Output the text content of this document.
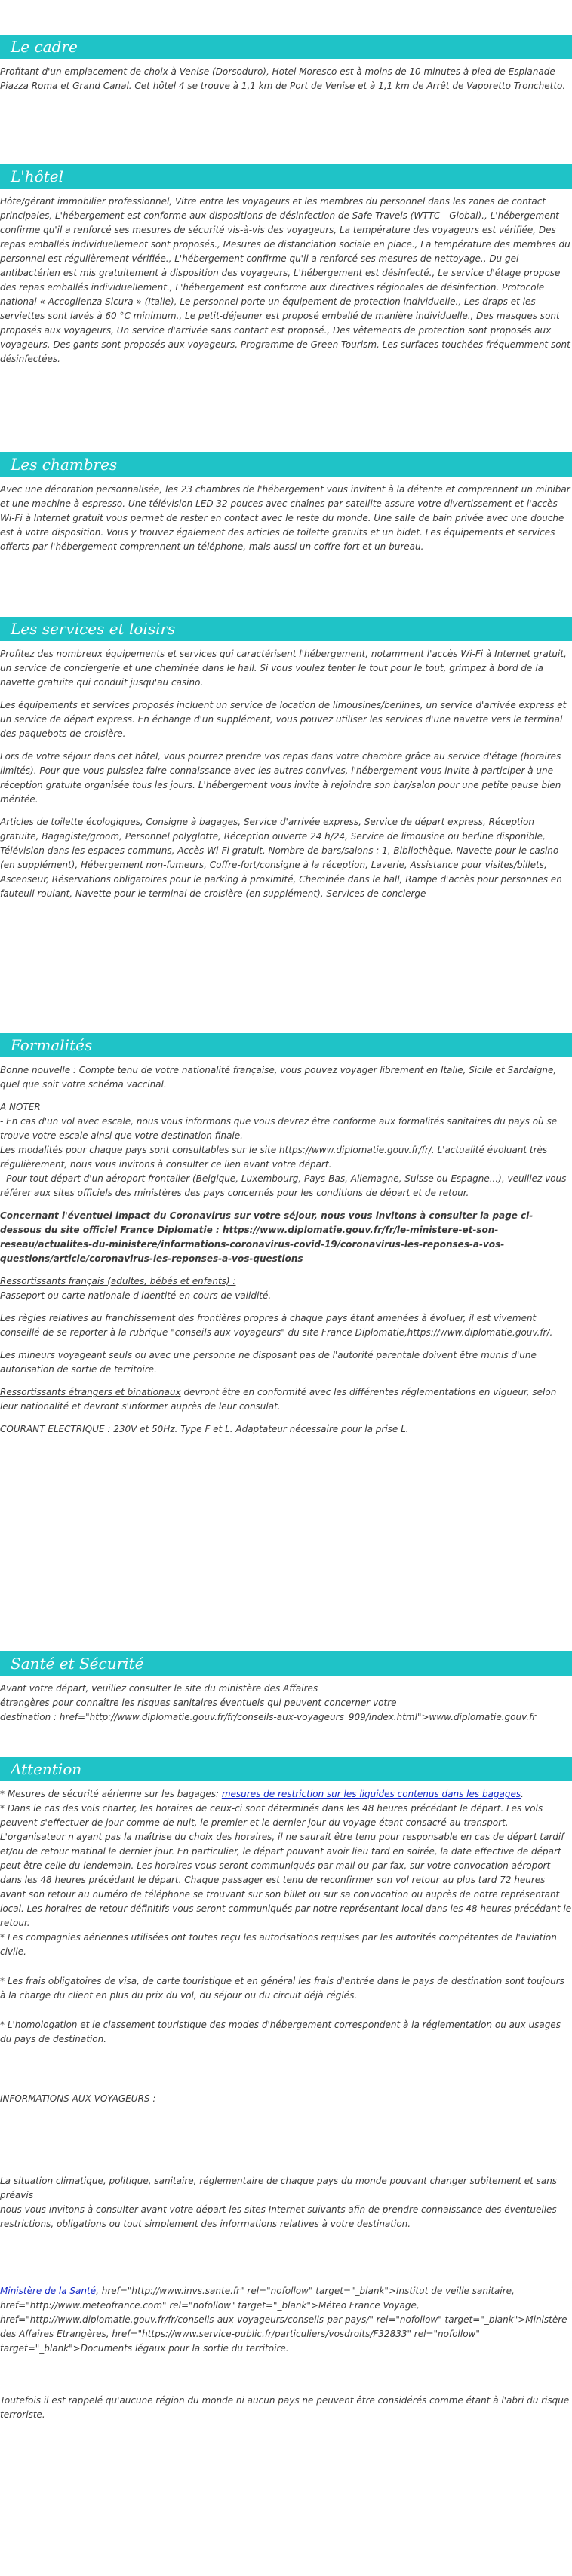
Le cadre

Profitant d'un emplacement de choix à Venise (Dorsoduro), Hotel Moresco est à moins de 10 minutes à pied de Esplanade Piazza Roma et Grand Canal. Cet hôtel 4 se trouve à 1,1 km de Port de Venise et à 1,1 km de Arrêt de Vaporetto Tronchetto.

L'hôtel

Hôte/gérant immobilier professionnel, Vitre entre les voyageurs et les membres du personnel dans les zones de contact principales, L'hébergement est conforme aux dispositions de désinfection de Safe Travels (WTTC - Global)., L'hébergement confirme qu'il a renforcé ses mesures de sécurité vis-à-vis des voyageurs, La température des voyageurs est vérifiée, Des repas emballés individuellement sont proposés., Mesures de distanciation sociale en place., La température des membres du personnel est régulièrement vérifiée., L'hébergement confirme qu'il a renforcé ses mesures de nettoyage., Du gel antibactérien est mis gratuitement à disposition des voyageurs, L'hébergement est désinfecté., Le service d'étage propose des repas emballés individuellement., L'hébergement est conforme aux directives régionales de désinfection. Protocole national « Accoglienza Sicura » (Italie), Le personnel porte un équipement de protection individuelle., Les draps et les serviettes sont lavés à 60 °C minimum., Le petit-déjeuner est proposé emballé de manière individuelle., Des masques sont proposés aux voyageurs, Un service d'arrivée sans contact est proposé., Des vêtements de protection sont proposés aux voyageurs, Des gants sont proposés aux voyageurs, Programme de Green Tourism, Les surfaces touchées fréquemment sont désinfectées.

Les chambres

Avec une décoration personnalisée, les 23 chambres de l'hébergement vous invitent à la détente et comprennent un minibar et une machine à espresso. Une télévision LED 32 pouces avec chaînes par satellite assure votre divertissement et l'accès Wi-Fi à Internet gratuit vous permet de rester en contact avec le reste du monde. Une salle de bain privée avec une douche est à votre disposition. Vous y trouvez également des articles de toilette gratuits et un bidet. Les équipements et services offerts par l'hébergement comprennent un téléphone, mais aussi un coffre-fort et un bureau.

Les services et loisirs

Profitez des nombreux équipements et services qui caractérisent l'hébergement, notamment l'accès Wi-Fi à Internet gratuit, un service de conciergerie et une cheminée dans le hall. Si vous voulez tenter le tout pour le tout, grimpez à bord de la navette gratuite qui conduit jusqu'au casino.

Les équipements et services proposés incluent un service de location de limousines/berlines, un service d'arrivée express et un service de départ express. En échange d'un supplément, vous pouvez utiliser les services d'une navette vers le terminal des paquebots de croisière.

Lors de votre séjour dans cet hôtel, vous pourrez prendre vos repas dans votre chambre grâce au service d'étage (horaires limités). Pour que vous puissiez faire connaissance avec les autres convives, l'hébergement vous invite à participer à une réception gratuite organisée tous les jours. L'hébergement vous invite à rejoindre son bar/salon pour une petite pause bien méritée.

Articles de toilette écologiques, Consigne à bagages, Service d'arrivée express, Service de départ express, Réception gratuite, Bagagiste/groom, Personnel polyglotte, Réception ouverte 24 h/24, Service de limousine ou berline disponible, Télévision dans les espaces communs, Accès Wi-Fi gratuit, Nombre de bars/salons : 1, Bibliothèque, Navette pour le casino (en supplément), Hébergement non-fumeurs, Coffre-fort/consigne à la réception, Laverie, Assistance pour visites/billets, Ascenseur, Réservations obligatoires pour le parking à proximité, Cheminée dans le hall, Rampe d'accès pour personnes en fauteuil roulant, Navette pour le terminal de croisière (en supplément), Services de concierge

Formalités

Bonne nouvelle : Compte tenu de votre nationalité française, vous pouvez voyager librement en Italie, Sicile et Sardaigne, quel que soit votre schéma vaccinal.

A NOTER
- En cas d'un vol avec escale, nous vous informons que vous devrez être conforme aux formalités sanitaires du pays où se trouve votre escale ainsi que votre destination finale.
Les modalités pour chaque pays sont consultables sur le site https://www.diplomatie.gouv.fr/fr/. L'actualité évoluant très régulièrement, nous vous invitons à consulter ce lien avant votre départ.
- Pour tout départ d'un aéroport frontalier (Belgique, Luxembourg, Pays-Bas, Allemagne, Suisse ou Espagne...), veuillez vous référer aux sites officiels des ministères des pays concernés pour les conditions de départ et de retour.

Concernant l'éventuel impact du Coronavirus sur votre séjour, nous vous invitons à consulter la page ci-dessous du site officiel France Diplomatie : https://www.diplomatie.gouv.fr/fr/le-ministere-et-son-reseau/actualites-du-ministere/informations-coronavirus-covid-19/coronavirus-les-reponses-a-vos-questions/article/coronavirus-les-reponses-a-vos-questions

Ressortissants français (adultes, bébés et enfants) :
Passeport ou carte nationale d'identité en cours de validité.

Les règles relatives au franchissement des frontières propres à chaque pays étant amenées à évoluer, il est vivement conseillé de se reporter à la rubrique "conseils aux voyageurs" du site France Diplomatie,https://www.diplomatie.gouv.fr/.

Les mineurs voyageant seuls ou avec une personne ne disposant pas de l'autorité parentale doivent être munis d'une autorisation de sortie de territoire.

Ressortissants étrangers et binationaux devront être en conformité avec les différentes réglementations en vigueur, selon leur nationalité et devront s'informer auprès de leur consulat.

COURANT ELECTRIQUE : 230V et 50Hz. Type F et L. Adaptateur nécessaire pour la prise L.

Santé et Sécurité

Avant votre départ, veuillez consulter le site du ministère des Affaires
étrangères pour connaître les risques sanitaires éventuels qui peuvent concerner votre
destination : href="http://www.diplomatie.gouv.fr/fr/conseils-aux-voyageurs_909/index.html">www.diplomatie.gouv.fr

Attention

* Mesures de sécurité aérienne sur les bagages: mesures de restriction sur les liquides contenus dans les bagages.

* Dans le cas des vols charter, les horaires de ceux-ci sont déterminés dans les 48 heures précédant le départ. Les vols peuvent s'effectuer de jour comme de nuit, le premier et le dernier jour du voyage étant consacré au transport. L'organisateur n'ayant pas la maîtrise du choix des horaires, il ne saurait être tenu pour responsable en cas de départ tardif et/ou de retour matinal le dernier jour. En particulier, le départ pouvant avoir lieu tard en soirée, la date effective de départ peut être celle du lendemain. Les horaires vous seront communiqués par mail ou par fax, sur votre convocation aéroport dans les 48 heures précédant le départ. Chaque passager est tenu de reconfirmer son vol retour au plus tard 72 heures avant son retour au numéro de téléphone se trouvant sur son billet ou sur sa convocation ou auprès de notre représentant local. Les horaires de retour définitifs vous seront communiqués par notre représentant local dans les 48 heures précédant le retour.

* Les compagnies aériennes utilisées ont toutes reçu les autorisations requises par les autorités compétentes de l'aviation civile.

* Les frais obligatoires de visa, de carte touristique et en général les frais d'entrée dans le pays de destination sont toujours à la charge du client en plus du prix du vol, du séjour ou du circuit déjà réglés.

* L'homologation et le classement touristique des modes d'hébergement correspondent à la réglementation ou aux usages du pays de destination.

INFORMATIONS AUX VOYAGEURS :

La situation climatique, politique, sanitaire, réglementaire de chaque pays du monde pouvant changer subitement et sans préavis
nous vous invitons à consulter avant votre départ les sites Internet suivants afin de prendre connaissance des éventuelles restrictions, obligations ou tout simplement des informations relatives à votre destination.

Ministère de la Santé, href="http://www.invs.sante.fr" rel="nofollow" target="_blank">Institut de veille sanitaire, href="http://www.meteofrance.com" rel="nofollow" target="_blank">Méteo France Voyage, href="http://www.diplomatie.gouv.fr/fr/conseils-aux-voyageurs/conseils-par-pays/" rel="nofollow" target="_blank">Ministère des Affaires Etrangères, href="https://www.service-public.fr/particuliers/vosdroits/F32833" rel="nofollow" target="_blank">Documents légaux pour la sortie du territoire.

Toutefois il est rappelé qu'aucune région du monde ni aucun pays ne peuvent être considérés comme étant à l'abri du risque terroriste.
